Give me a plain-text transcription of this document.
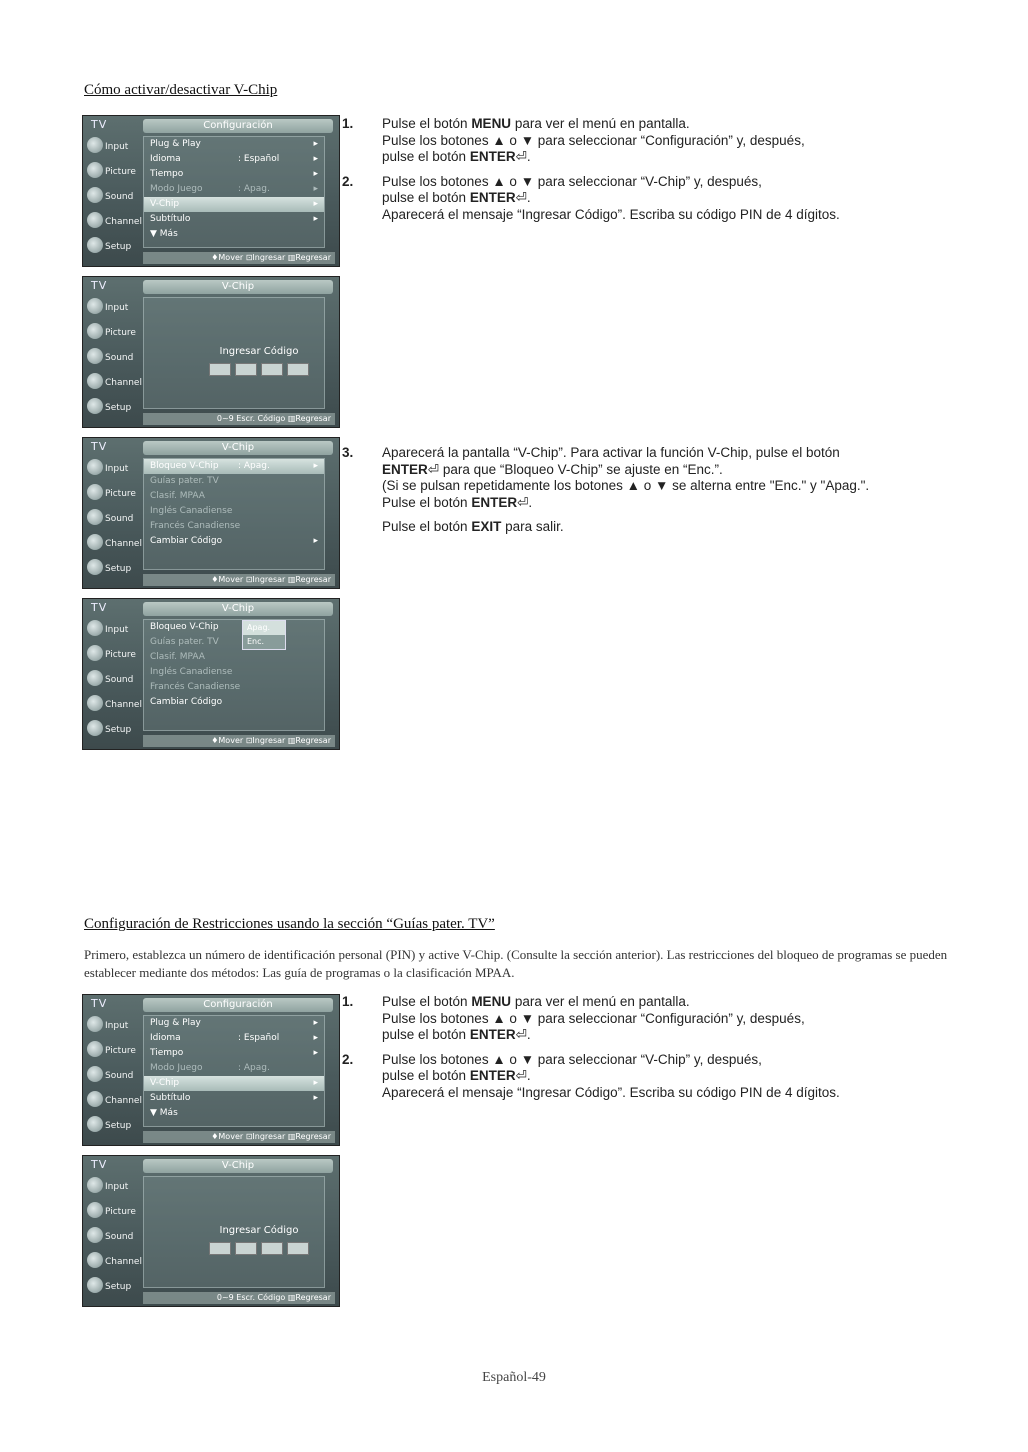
Cómo activar/desactivar V-Chip
TV	Configuración
Input
Picture
Sound
Channel
Setup
Plug & Play	▸
Idioma	: Español	▸
Tiempo	▸
Modo Juego	: Apag.	▸
V-Chip	▸
Subtítulo	▸
▼ Más
♦Mover ⊡Ingresar ▥Regresar
TV	V-Chip
Input
Picture
Sound
Channel
Setup
Ingresar Código
0~9 Escr. Código ▥Regresar
TV	V-Chip
Input
Picture
Sound
Channel
Setup
Bloqueo V-Chip : Apag.	▸
Guías pater. TV
Clasif. MPAA
Inglés Canadiense
Francés Canadiense
Cambiar Código	▸
♦Mover ⊡Ingresar ▥Regresar
TV	V-Chip
Input
Picture
Sound
Channel
Setup
Bloqueo V-Chip
Guías pater. TV
Clasif. MPAA
Inglés Canadiense
Francés Canadiense
Cambiar Código
Apag.
Enc.
♦Mover ⊡Ingresar ▥Regresar
1. Pulse el botón MENU para ver el menú en pantalla.

Pulse los botones ▲ o ▼ para seleccionar “Configuración” y, después,

pulse el botón ENTER⏎.

2. Pulse los botones ▲ o ▼ para seleccionar “V-Chip” y, después,

pulse el botón ENTER⏎.

Aparecerá el mensaje “Ingresar Código”. Escriba su código PIN de 4 dígitos.

3. Aparecerá la pantalla “V-Chip”. Para activar la función V-Chip, pulse el botón

ENTER⏎ para que “Bloqueo V-Chip” se ajuste en “Enc.”.

(Si se pulsan repetidamente los botones ▲ o ▼ se alterna entre "Enc." y "Apag.".

Pulse el botón ENTER⏎.

Pulse el botón EXIT para salir.

Configuración de Restricciones usando la sección “Guías pater. TV”

Primero, establezca un número de identificación personal (PIN) y active V-Chip. (Consulte la sección anterior). Las restricciones del bloqueo de programas se pueden establecer mediante dos métodos: Las guía de programas o la clasificación MPAA.

TV	Configuración
Input
Picture
Sound
Channel
Setup
Plug & Play	▸
Idioma	: Español	▸
Tiempo	▸
Modo Juego	: Apag.
V-Chip	▸
Subtítulo	▸
▼ Más
♦Mover ⊡Ingresar ▥Regresar
TV	V-Chip
Input
Picture
Sound
Channel
Setup
Ingresar Código
0~9 Escr. Código ▥Regresar
1. Pulse el botón MENU para ver el menú en pantalla.

Pulse los botones ▲ o ▼ para seleccionar “Configuración” y, después,

pulse el botón ENTER⏎.

2. Pulse los botones ▲ o ▼ para seleccionar “V-Chip” y, después,

pulse el botón ENTER⏎.

Aparecerá el mensaje “Ingresar Código”. Escriba su código PIN de 4 dígitos.

Español-49
